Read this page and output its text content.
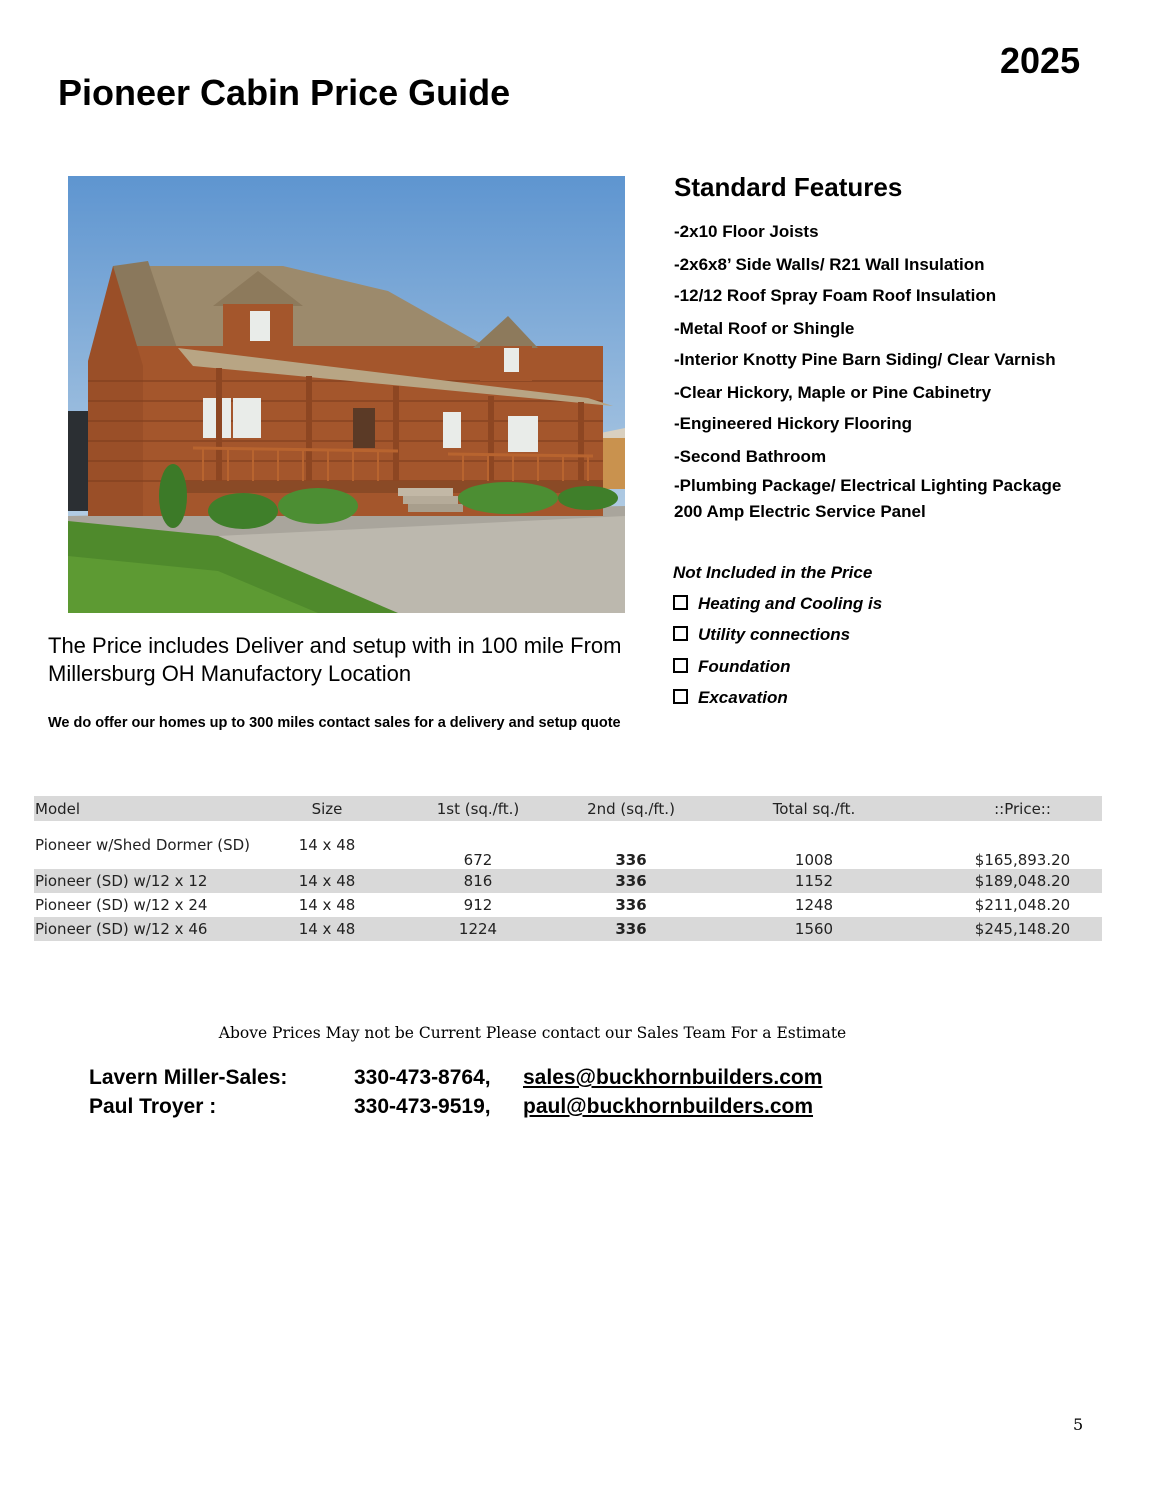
Pioneer Cabin Price Guide
2025
Standard Features
-2x10 Floor Joists
-2x6x8’ Side Walls/ R21 Wall Insulation
-12/12 Roof Spray Foam Roof Insulation
-Metal Roof or Shingle
-Interior Knotty Pine Barn Siding/ Clear Varnish
-Clear Hickory, Maple or Pine Cabinetry
-Engineered Hickory Flooring
-Second Bathroom
-Plumbing Package/ Electrical Lighting Package
200 Amp Electric Service Panel
Not Included in the Price
Heating and Cooling is
Utility connections
Foundation
Excavation
The Price includes Deliver and setup with in 100 mile From Millersburg OH Manufactory Location
We do offer our homes up to 300 miles contact sales for a delivery and setup quote
Model	Size	1st (sq./ft.)	2nd (sq./ft.)	Total sq./ft.	::Price::
Pioneer w/Shed Dormer (SD)	14 x 48	672	336	1008	$165,893.20
Pioneer (SD) w/12 x 12	14 x 48	816	336	1152	$189,048.20
Pioneer (SD) w/12 x 24	14 x 48	912	336	1248	$211,048.20
Pioneer (SD) w/12 x 46	14 x 48	1224	336	1560	$245,148.20
Above Prices May not be Current Please contact our Sales Team For a Estimate
Lavern Miller-Sales:	330-473-8764, sales@buckhornbuilders.com
Paul Troyer :	330-473-9519, paul@buckhornbuilders.com
5
